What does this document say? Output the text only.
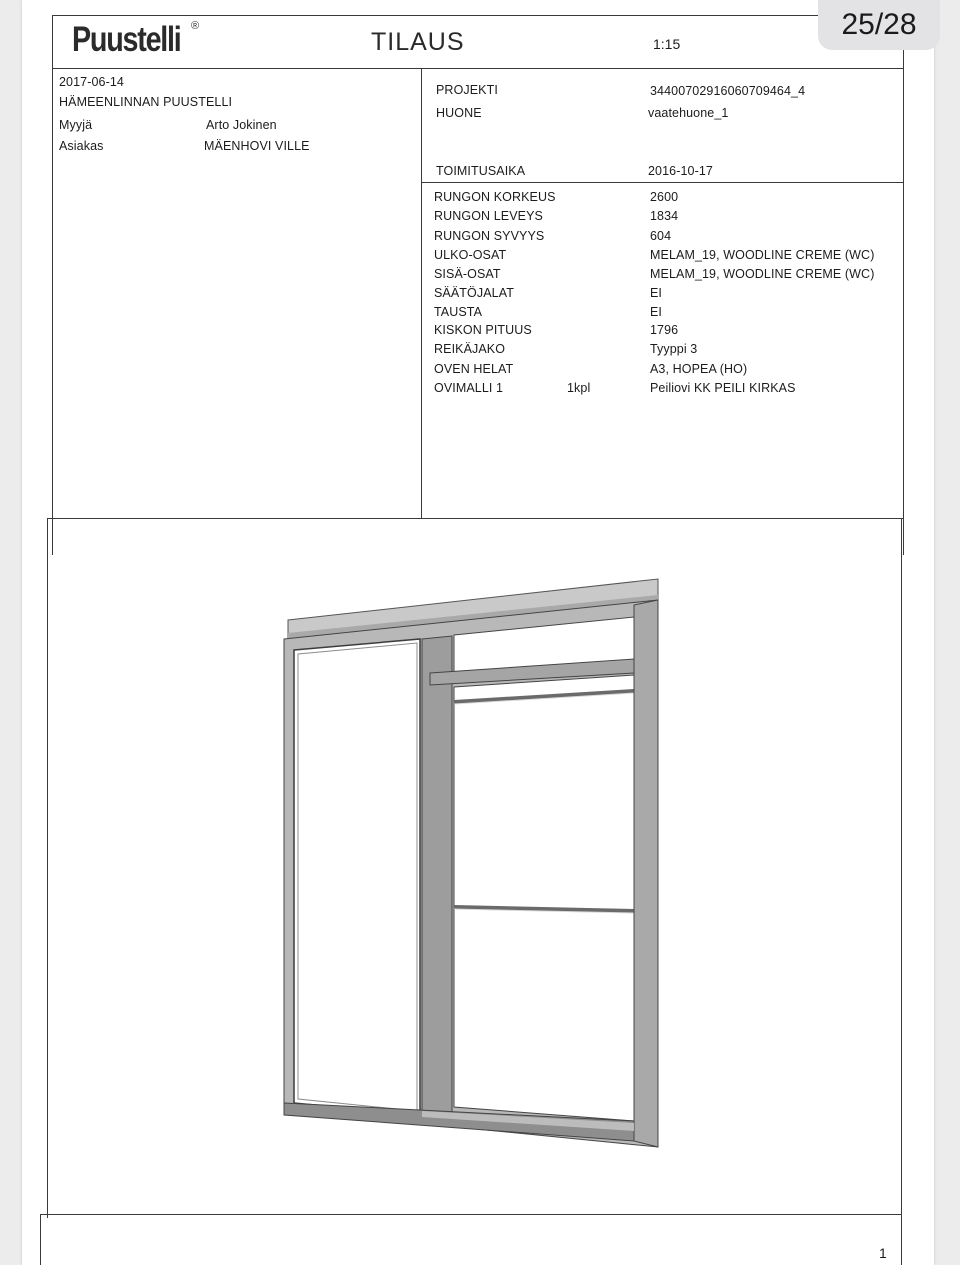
Puustelli ®
TILAUS	1:15
2017-06-14
HÄMEENLINNAN PUUSTELLI
Myyjä	Arto Jokinen
Asiakas	MÄENHOVI VILLE
PROJEKTI	34400702916060709464_4
HUONE	vaatehuone_1
TOIMITUSAIKA	2016-10-17
1
RUNGON KORKEUS	2600
RUNGON LEVEYS	1834
RUNGON SYVYYS	604
ULKO-OSAT	MELAM_19, WOODLINE CREME (WC)
SISÄ-OSAT	MELAM_19, WOODLINE CREME (WC)
SÄÄTÖJALAT	EI
TAUSTA	EI
KISKON PITUUS	1796
REIKÄJAKO	Tyyppi 3
OVEN HELAT	A3, HOPEA (HO)
OVIMALLI 1	1kpl	Peiliovi KK PEILI KIRKAS
25/28
